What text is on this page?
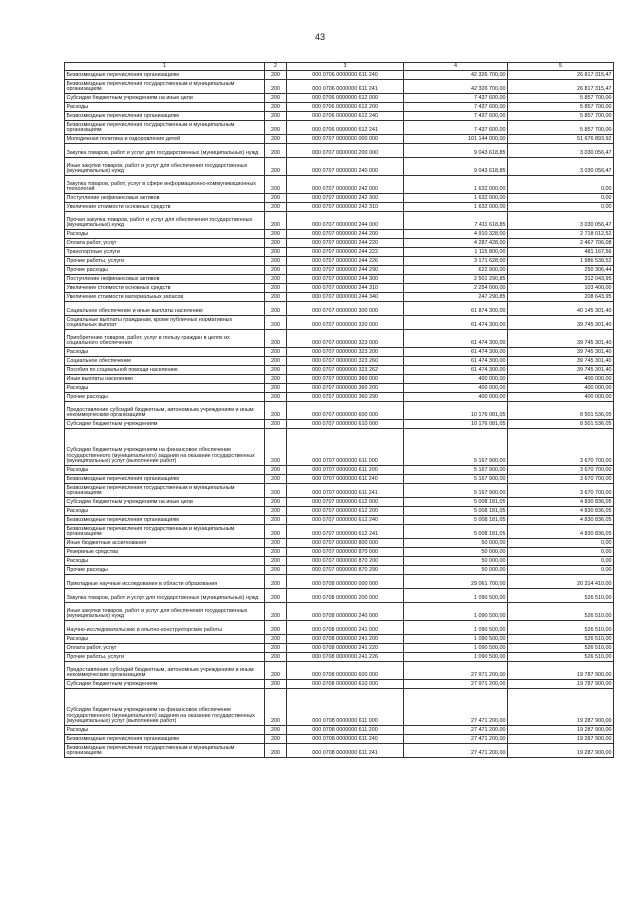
43
1	2	3	4	5
Безвозмездные перечисления организациям	200	000 0706 0000000 611 240	42 326 700,00	26 817 315,47
Безвозмездные перечисления государственным и муниципальным организациям	200	000 0706 0000000 611 241	42 326 700,00	26 817 315,47
Субсидии бюджетным учреждениям на иные цели	200	000 0706 0000000 612 000	7 437 600,00	5 857 700,00
Расходы	200	000 0706 0000000 612 200	7 437 600,00	5 857 700,00
Безвозмездные перечисления организациям	200	000 0706 0000000 612 240	7 437 600,00	5 857 700,00
Безвозмездные перечисления государственным и муниципальным организациям	200	000 0706 0000000 612 241	7 437 600,00	5 857 700,00
Молодежная политика и оздоровление детей	200	000 0707 0000000 000 000	101 144 000,00	51 676 893,92
Закупка товаров, работ и услуг для государственных (муниципальных) нужд	200	000 0707 0000000 200 000	9 043 618,85	3 030 056,47
Иные закупки товаров, работ и услуг для обеспечения государственных (муниципальных) нужд	200	000 0707 0000000 240 000	9 043 618,85	3 030 056,47
Закупка товаров, работ, услуг в сфере информационно-коммуникационных технологий	200	000 0707 0000000 242 000	1 632 000,00	0,00
Поступление нефинансовых активов	200	000 0707 0000000 242 300	1 632 000,00	0,00
Увеличение стоимости основных средств	200	000 0707 0000000 242 310	1 632 000,00	0,00
Прочая закупка товаров, работ и услуг для обеспечения государственных (муниципальных) нужд	200	000 0707 0000000 244 000	7 411 618,85	3 030 056,47
Расходы	200	000 0707 0000000 244 200	4 910 328,00	2 718 012,52
Оплата работ, услуг	200	000 0707 0000000 244 220	4 287 428,00	2 467 706,08
Транспортные услуги	200	000 0707 0000000 244 222	1 115 800,00	481 167,56
Прочие работы, услуги	200	000 0707 0000000 244 226	3 171 628,00	1 986 538,52
Прочие расходы	200	000 0707 0000000 244 290	622 900,00	250 306,44
Поступление нефинансовых активов	200	000 0707 0000000 244 300	2 501 290,85	312 043,95
Увеличение стоимости основных средств	200	000 0707 0000000 244 310	2 254 000,00	103 400,00
Увеличение стоимости материальных запасов	200	000 0707 0000000 244 340	247 290,85	208 643,95
Социальное обеспечение и иные выплаты населению	200	000 0707 0000000 300 000	61 874 300,00	40 145 301,40
Социальные выплаты гражданам, кроме публичных нормативных социальных выплат	200	000 0707 0000000 320 000	61 474 300,00	39 745 301,40
Приобретение товаров, работ, услуг в пользу граждан в целях их социального обеспечения	200	000 0707 0000000 323 000	61 474 300,00	39 745 301,40
Расходы	200	000 0707 0000000 323 200	61 474 300,00	39 745 301,40
Социальное обеспечение	200	000 0707 0000000 323 260	61 474 300,00	39 745 301,40
Пособия по социальной помощи населению	200	000 0707 0000000 323 262	61 474 300,00	39 745 301,40
Иные выплаты населению	200	000 0707 0000000 360 000	400 000,00	400 000,00
Расходы	200	000 0707 0000000 360 200	400 000,00	400 000,00
Прочие расходы	200	000 0707 0000000 360 290	400 000,00	400 000,00
Предоставление субсидий бюджетным, автономным учреждениям и иным некоммерческим организациям	200	000 0707 0000000 600 000	10 176 081,05	8 501 536,05
Субсидии бюджетным учреждениям	200	000 0707 0000000 610 000	10 176 081,05	8 501 536,05
Субсидии бюджетным учреждениям на финансовое обеспечение государственного (муниципального) задания на оказание государственных (муниципальных) услуг (выполнение работ)	200	000 0707 0000000 611 000	5 167 900,00	3 670 700,00
Расходы	200	000 0707 0000000 611 200	5 167 900,00	3 670 700,00
Безвозмездные перечисления организациям	200	000 0707 0000000 611 240	5 167 900,00	3 670 700,00
Безвозмездные перечисления государственным и муниципальным организациям	200	000 0707 0000000 611 241	5 167 900,00	3 670 700,00
Субсидии бюджетным учреждениям на иные цели	200	000 0707 0000000 612 000	5 008 181,05	4 830 836,05
Расходы	200	000 0707 0000000 612 200	5 008 181,05	4 830 836,05
Безвозмездные перечисления организациям	200	000 0707 0000000 612 240	5 008 181,05	4 830 836,05
Безвозмездные перечисления государственным и муниципальным организациям	200	000 0707 0000000 612 241	5 008 181,05	4 830 836,05
Иные бюджетные ассигнования	200	000 0707 0000000 800 000	50 000,00	0,00
Резервные средства	200	000 0707 0000000 870 000	50 000,00	0,00
Расходы	200	000 0707 0000000 870 200	50 000,00	0,00
Прочие расходы	200	000 0707 0000000 870 290	50 000,00	0,00
Прикладные научные исследования в области образования	200	000 0708 0000000 000 000	29 061 700,00	20 314 410,00
Закупка товаров, работ и услуг для государственных (муниципальных) нужд	200	000 0708 0000000 200 000	1 090 500,00	526 510,00
Иные закупки товаров, работ и услуг для обеспечения государственных (муниципальных) нужд	200	000 0708 0000000 240 000	1 090 500,00	526 510,00
Научно-исследовательские и опытно-конструкторские работы	200	000 0708 0000000 241 000	1 090 500,00	526 510,00
Расходы	200	000 0708 0000000 241 200	1 090 500,00	526 510,00
Оплата работ, услуг	200	000 0708 0000000 241 220	1 090 500,00	526 510,00
Прочие работы, услуги	200	000 0708 0000000 241 226	1 090 500,00	526 510,00
Предоставление субсидий бюджетным, автономным учреждениям и иным некоммерческим организациям	200	000 0708 0000000 600 000	27 971 200,00	19 787 900,00
Субсидии бюджетным учреждениям	200	000 0708 0000000 610 000	27 971 200,00	19 787 900,00
Субсидии бюджетным учреждениям на финансовое обеспечение государственного (муниципального) задания на оказание государственных (муниципальных) услуг (выполнение работ)	200	000 0708 0000000 611 000	27 471 200,00	19 287 900,00
Расходы	200	000 0708 0000000 611 200	27 471 200,00	19 287 900,00
Безвозмездные перечисления организациям	200	000 0708 0000000 611 240	27 471 200,00	19 287 900,00
Безвозмездные перечисления государственным и муниципальным организациям	200	000 0708 0000000 611 241	27 471 200,00	19 287 900,00
